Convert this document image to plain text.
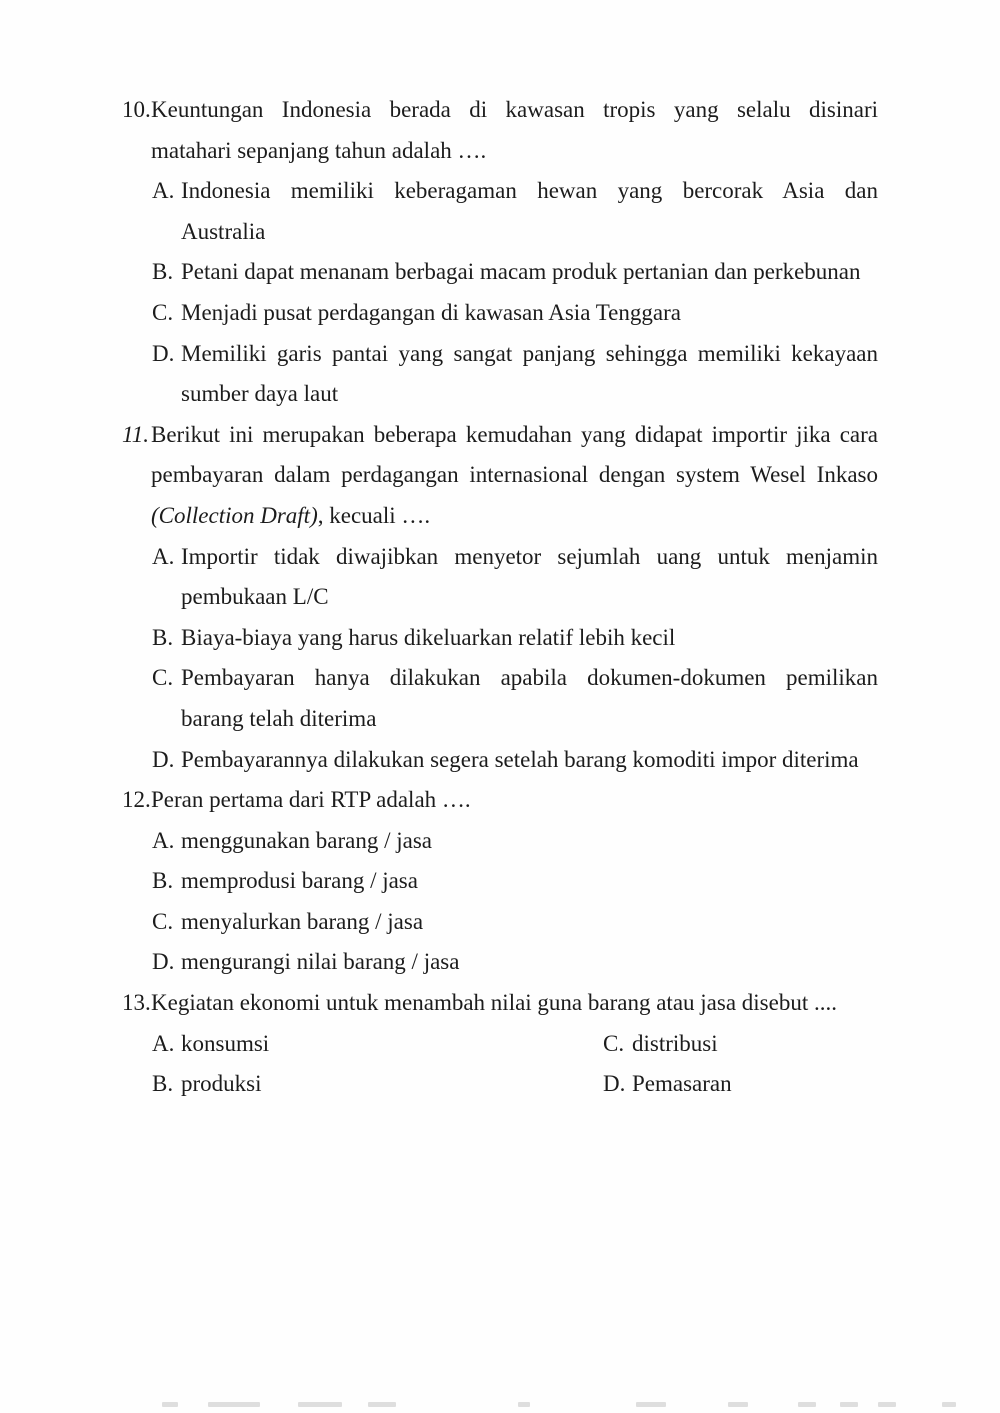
10. Keuntungan Indonesia berada di kawasan tropis yang selalu disinari
matahari sepanjang tahun adalah ….
A. Indonesia memiliki keberagaman hewan yang bercorak Asia dan
Australia
B. Petani dapat menanam berbagai macam produk pertanian dan perkebunan
C. Menjadi pusat perdagangan di kawasan Asia Tenggara
D. Memiliki garis pantai yang sangat panjang sehingga memiliki kekayaan
sumber daya laut
11. Berikut ini merupakan beberapa kemudahan yang didapat importir jika cara
pembayaran dalam perdagangan internasional dengan system Wesel Inkaso
(Collection Draft), kecuali ….
A. Importir tidak diwajibkan menyetor sejumlah uang untuk menjamin
pembukaan L/C
B. Biaya-biaya yang harus dikeluarkan relatif lebih kecil
C. Pembayaran hanya dilakukan apabila dokumen-dokumen pemilikan
barang telah diterima
D. Pembayarannya dilakukan segera setelah barang komoditi impor diterima
12. Peran pertama dari RTP adalah ….
A. menggunakan barang / jasa
B. memprodusi barang / jasa
C. menyalurkan barang / jasa
D. mengurangi nilai barang / jasa
13. Kegiatan ekonomi untuk menambah nilai guna barang atau jasa disebut ....
A. konsumsi	C. distribusi
B. produksi	D. Pemasaran
